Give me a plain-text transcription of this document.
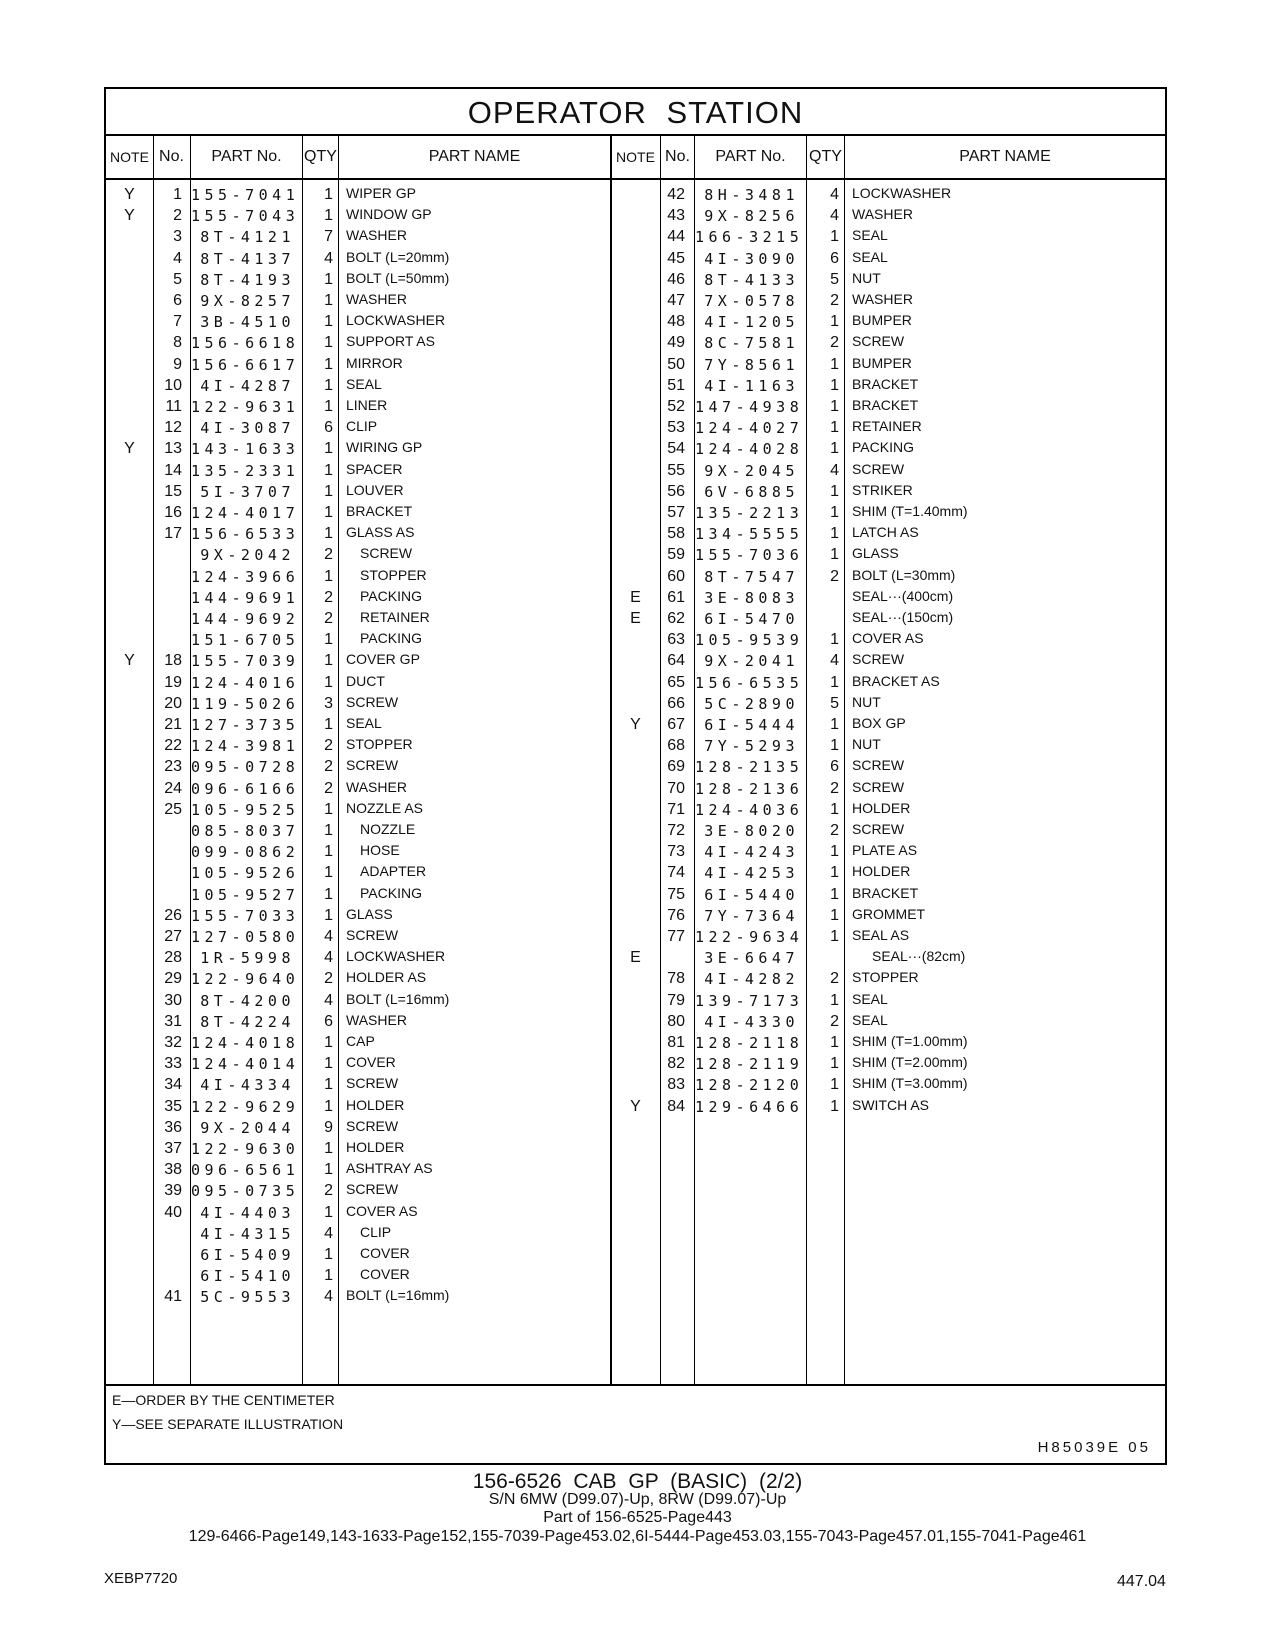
OPERATOR STATION
NOTE No.	PART No.	QTY	PART NAME	NOTE No.	PART No.	QTY	PART NAME
Y	1 155-7041	1 WIPER GP
Y	2 155-7043	1 WINDOW GP
3	8T-4121	7 WASHER
4	8T-4137	4 BOLT (L=20mm)
5	8T-4193	1 BOLT (L=50mm)
6	9X-8257	1 WASHER
7	3B-4510	1 LOCKWASHER
8 156-6618	1 SUPPORT AS
9 156-6617	1 MIRROR
10	4I-4287	1 SEAL
11 122-9631	1 LINER
12	4I-3087	6 CLIP
Y	13 143-1633	1 WIRING GP
14 135-2331	1 SPACER
15	5I-3707	1 LOUVER
16 124-4017	1 BRACKET
17 156-6533	1 GLASS AS
9X-2042	2	SCREW
124-3966	1	STOPPER
144-9691	2	PACKING
144-9692	2	RETAINER
151-6705	1	PACKING
Y	18 155-7039	1 COVER GP
19 124-4016	1 DUCT
20 119-5026	3 SCREW
21 127-3735	1 SEAL
22 124-3981	2 STOPPER
23 095-0728	2 SCREW
24 096-6166	2 WASHER
25 105-9525	1 NOZZLE AS
085-8037	1	NOZZLE
099-0862	1	HOSE
105-9526	1	ADAPTER
105-9527	1	PACKING
26 155-7033	1 GLASS
27 127-0580	4 SCREW
28	1R-5998	4 LOCKWASHER
29 122-9640	2 HOLDER AS
30	8T-4200	4 BOLT (L=16mm)
31	8T-4224	6 WASHER
32 124-4018	1 CAP
33 124-4014	1 COVER
34	4I-4334	1 SCREW
35 122-9629	1 HOLDER
36	9X-2044	9 SCREW
37 122-9630	1 HOLDER
38 096-6561	1 ASHTRAY AS
39 095-0735	2 SCREW
40	4I-4403	1 COVER AS
4I-4315	4	CLIP
6I-5409	1	COVER
6I-5410	1	COVER
41	5C-9553	4 BOLT (L=16mm)
42	8H-3481	4 LOCKWASHER
43	9X-8256	4 WASHER
44 166-3215	1 SEAL
45	4I-3090	6 SEAL
46	8T-4133	5 NUT
47	7X-0578	2 WASHER
48	4I-1205	1 BUMPER
49	8C-7581	2 SCREW
50	7Y-8561	1 BUMPER
51	4I-1163	1 BRACKET
52 147-4938	1 BRACKET
53 124-4027	1 RETAINER
54 124-4028	1 PACKING
55	9X-2045	4 SCREW
56	6V-6885	1 STRIKER
57 135-2213	1 SHIM (T=1.40mm)
58 134-5555	1 LATCH AS
59 155-7036	1 GLASS
60	8T-7547	2 BOLT (L=30mm)
E	61	3E-8083	SEAL···(400cm)
E	62	6I-5470	SEAL···(150cm)
63 105-9539	1 COVER AS
64	9X-2041	4 SCREW
65 156-6535	1 BRACKET AS
66	5C-2890	5 NUT
Y	67	6I-5444	1 BOX GP
68	7Y-5293	1 NUT
69 128-2135	6 SCREW
70 128-2136	2 SCREW
71 124-4036	1 HOLDER
72	3E-8020	2 SCREW
73	4I-4243	1 PLATE AS
74	4I-4253	1 HOLDER
75	6I-5440	1 BRACKET
76	7Y-7364	1 GROMMET
77 122-9634	1 SEAL AS
E	3E-6647	SEAL···(82cm)
78	4I-4282	2 STOPPER
79 139-7173	1 SEAL
80	4I-4330	2 SEAL
81 128-2118	1 SHIM (T=1.00mm)
82 128-2119	1 SHIM (T=2.00mm)
83 128-2120	1 SHIM (T=3.00mm)
Y	84 129-6466	1 SWITCH AS
E—ORDER BY THE CENTIMETER
Y—SEE SEPARATE ILLUSTRATION
H85039E 05
156-6526 CAB GP (BASIC) (2/2)
S/N 6MW (D99.07)-Up, 8RW (D99.07)-Up
Part of 156-6525-Page443
129-6466-Page149,143-1633-Page152,155-7039-Page453.02,6I-5444-Page453.03,155-7043-Page457.01,155-7041-Page461
XEBP7720	447.04
